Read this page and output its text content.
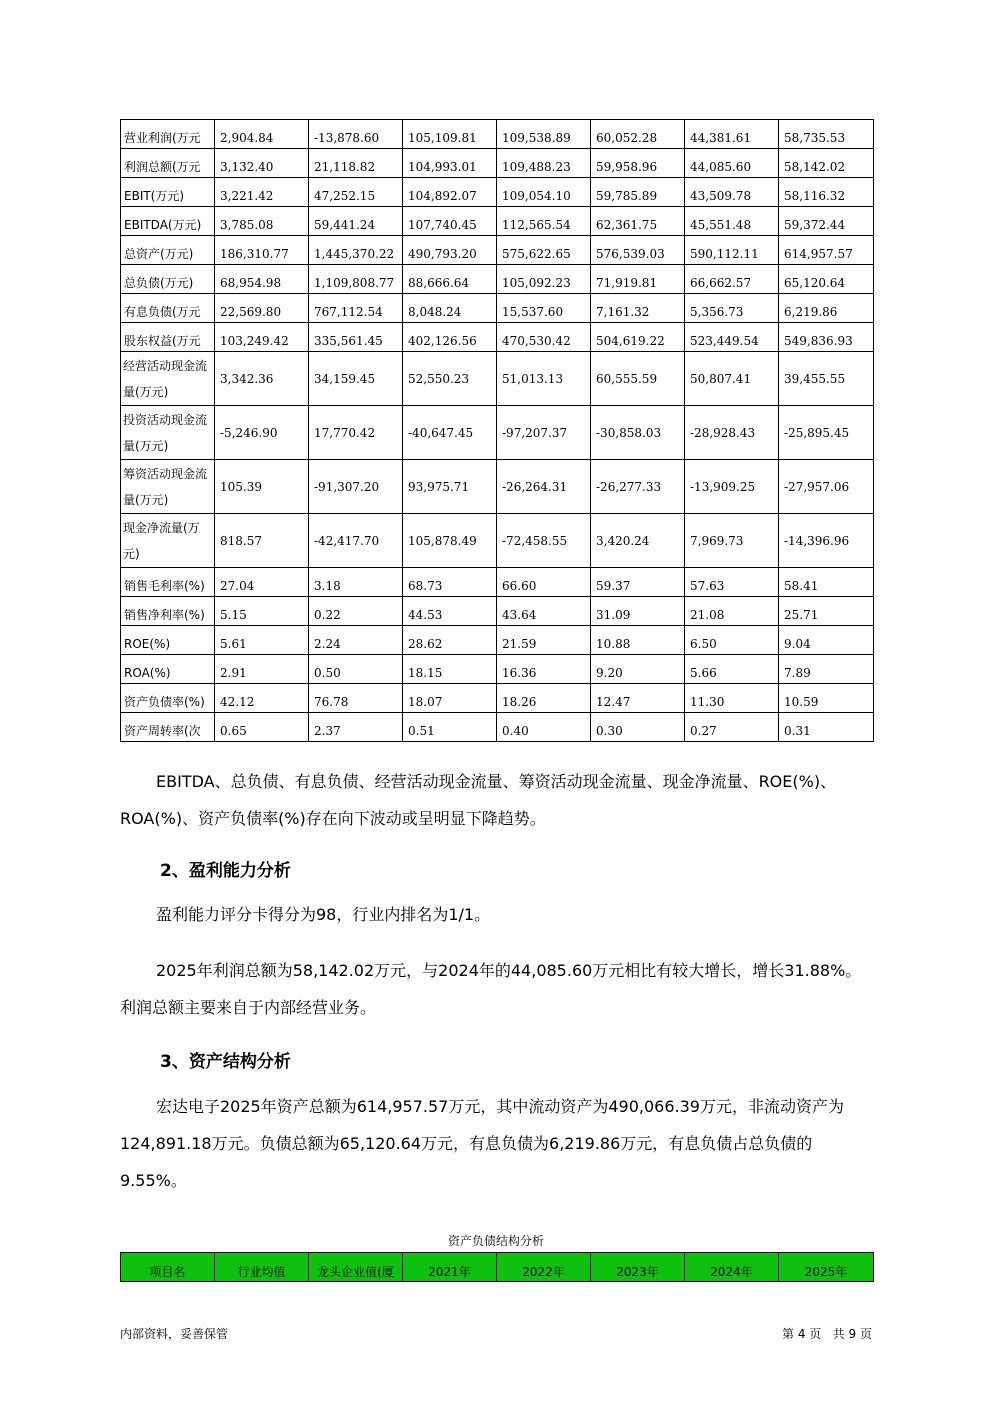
营业利润(万元	2,904.84	-13,878.60	105,109.81	109,538.89	60,052.28	44,381.61	58,735.53
利润总额(万元	3,132.40	21,118.82	104,993.01	109,488.23	59,958.96	44,085.60	58,142.02
EBIT(万元)	3,221.42	47,252.15	104,892.07	109,054.10	59,785.89	43,509.78	58,116.32
EBITDA(万元)	3,785.08	59,441.24	107,740.45	112,565.54	62,361.75	45,551.48	59,372.44
总资产(万元)	186,310.77	1,445,370.22	490,793.20	575,622.65	576,539.03	590,112.11	614,957.57
总负债(万元)	68,954.98	1,109,808.77	88,666.64	105,092.23	71,919.81	66,662.57	65,120.64
有息负债(万元	22,569.80	767,112.54	8,048.24	15,537.60	7,161.32	5,356.73	6,219.86
股东权益(万元	103,249.42	335,561.45	402,126.56	470,530.42	504,619.22	523,449.54	549,836.93
经营活动现金流量(万元)	3,342.36	34,159.45	52,550.23	51,013.13	60,555.59	50,807.41	39,455.55
投资活动现金流量(万元)	-5,246.90	17,770.42	-40,647.45	-97,207.37	-30,858.03	-28,928.43	-25,895.45
筹资活动现金流量(万元)	105.39	-91,307.20	93,975.71	-26,264.31	-26,277.33	-13,909.25	-27,957.06
现金净流量(万元)	818.57	-42,417.70	105,878.49	-72,458.55	3,420.24	7,969.73	-14,396.96
销售毛利率(%)	27.04	3.18	68.73	66.60	59.37	57.63	58.41
销售净利率(%)	5.15	0.22	44.53	43.64	31.09	21.08	25.71
ROE(%)	5.61	2.24	28.62	21.59	10.88	6.50	9.04
ROA(%)	2.91	0.50	18.15	16.36	9.20	5.66	7.89
资产负债率(%)	42.12	76.78	18.07	18.26	12.47	11.30	10.59
资产周转率(次	0.65	2.37	0.51	0.40	0.30	0.27	0.31
EBITDA、总负债、有息负债、经营活动现金流量、筹资活动现金流量、现金净流量、ROE(%)、ROA(%)、资产负债率(%)存在向下波动或呈明显下降趋势。
2、盈利能力分析
盈利能力评分卡得分为98，行业内排名为1/1。
2025年利润总额为58,142.02万元，与2024年的44,085.60万元相比有较大增长，增长31.88%。利润总额主要来自于内部经营业务。
3、资产结构分析
宏达电子2025年资产总额为614,957.57万元，其中流动资产为490,066.39万元，非流动资产为124,891.18万元。负债总额为65,120.64万元，有息负债为6,219.86万元，有息负债占总负债的9.55%。
资产负债结构分析
项目名	行业均值	龙头企业值(厦	2021年	2022年	2023年	2024年	2025年
内部资料，妥善保管	第 4 页   共 9 页
